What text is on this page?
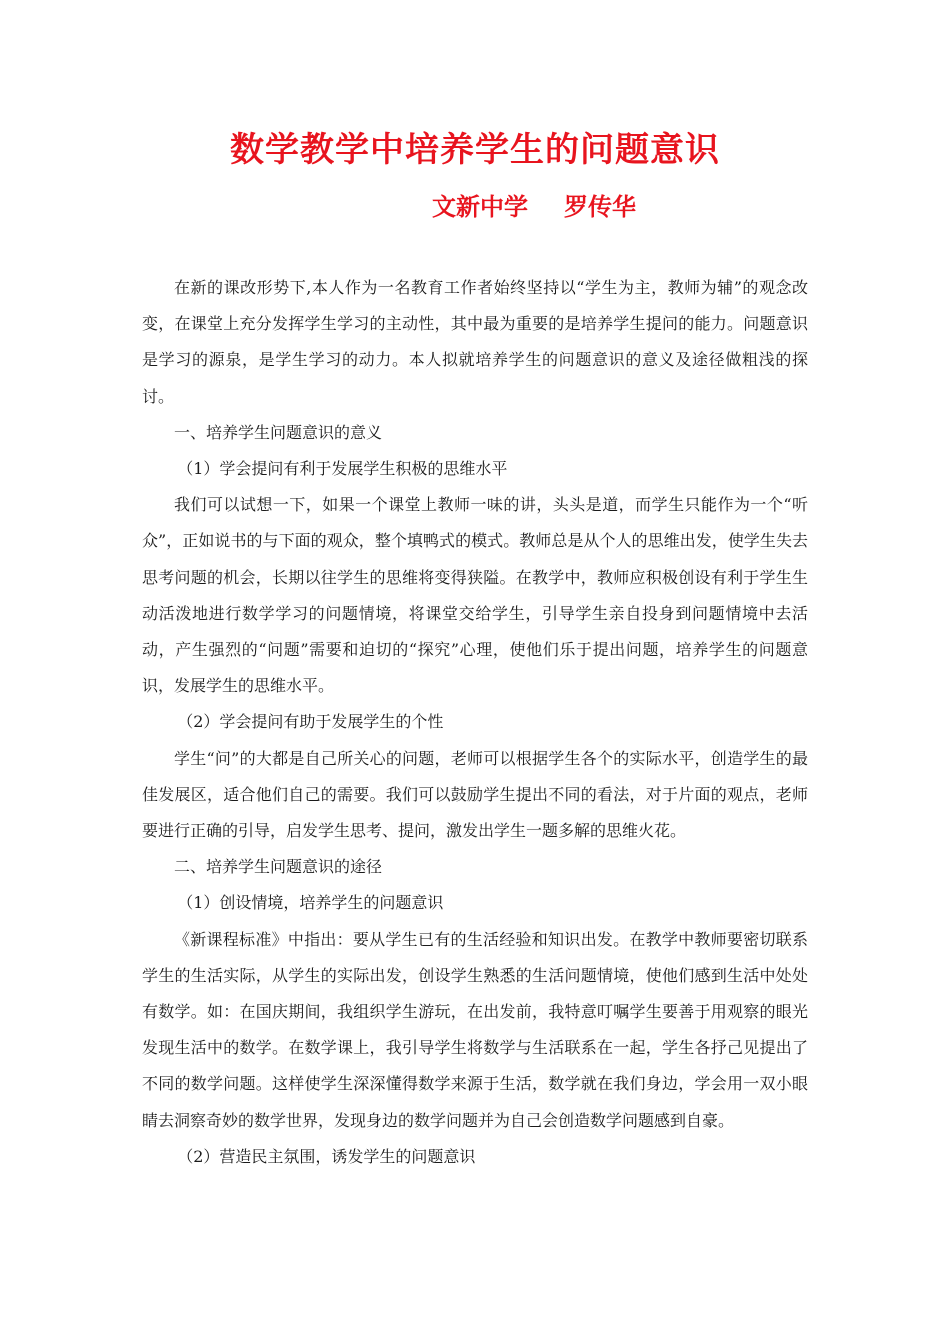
数学教学中培养学生的问题意识
文新中学 罗传华

在新的课改形势下,本人作为一名教育工作者始终坚持以“学生为主，教师为辅”的观念改变，在课堂上充分发挥学生学习的主动性，其中最为重要的是培养学生提问的能力。问题意识是学习的源泉，是学生学习的动力。本人拟就培养学生的问题意识的意义及途径做粗浅的探讨。

一、培养学生问题意识的意义

（1）学会提问有利于发展学生积极的思维水平

我们可以试想一下，如果一个课堂上教师一味的讲，头头是道，而学生只能作为一个“听众”，正如说书的与下面的观众，整个填鸭式的模式。教师总是从个人的思维出发，使学生失去思考问题的机会，长期以往学生的思维将变得狭隘。在教学中，教师应积极创设有利于学生生动活泼地进行数学学习的问题情境，将课堂交给学生，引导学生亲自投身到问题情境中去活动，产生强烈的“问题”需要和迫切的“探究”心理，使他们乐于提出问题，培养学生的问题意识，发展学生的思维水平。

（2）学会提问有助于发展学生的个性

学生“问”的大都是自己所关心的问题，老师可以根据学生各个的实际水平，创造学生的最佳发展区，适合他们自己的需要。我们可以鼓励学生提出不同的看法，对于片面的观点，老师要进行正确的引导，启发学生思考、提问，激发出学生一题多解的思维火花。

二、培养学生问题意识的途径

（1）创设情境，培养学生的问题意识

《新课程标准》中指出：要从学生已有的生活经验和知识出发。在教学中教师要密切联系学生的生活实际，从学生的实际出发，创设学生熟悉的生活问题情境，使他们感到生活中处处有数学。如：在国庆期间，我组织学生游玩，在出发前，我特意叮嘱学生要善于用观察的眼光发现生活中的数学。在数学课上，我引导学生将数学与生活联系在一起，学生各抒己见提出了不同的数学问题。这样使学生深深懂得数学来源于生活，数学就在我们身边，学会用一双小眼睛去洞察奇妙的数学世界，发现身边的数学问题并为自己会创造数学问题感到自豪。

（2）营造民主氛围，诱发学生的问题意识
